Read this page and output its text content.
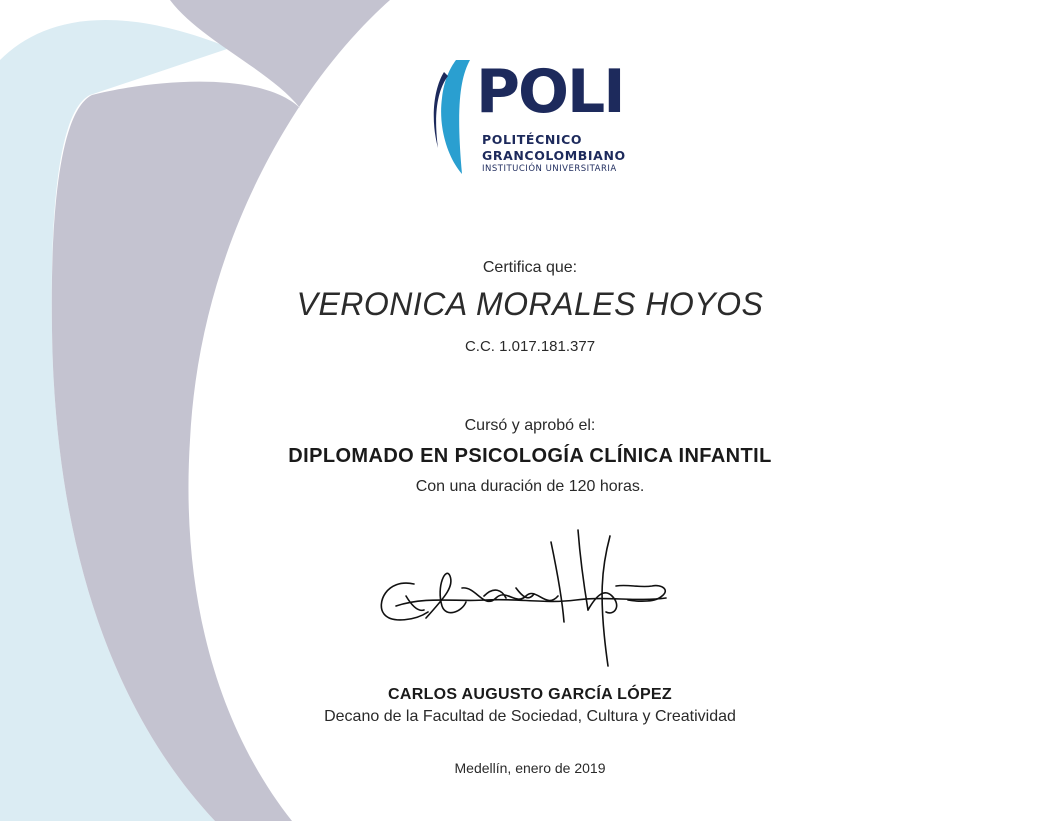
POLI
POLITÉCNICO
GRANCOLOMBIANO
INSTITUCIÓN UNIVERSITARIA
Certifica que:
VERONICA MORALES HOYOS
C.C. 1.017.181.377
Cursó y aprobó el:
DIPLOMADO EN PSICOLOGÍA CLÍNICA INFANTIL
Con una duración de 120 horas.
CARLOS AUGUSTO GARCÍA LÓPEZ
Decano de la Facultad de Sociedad, Cultura y Creatividad
Medellín, enero de 2019
